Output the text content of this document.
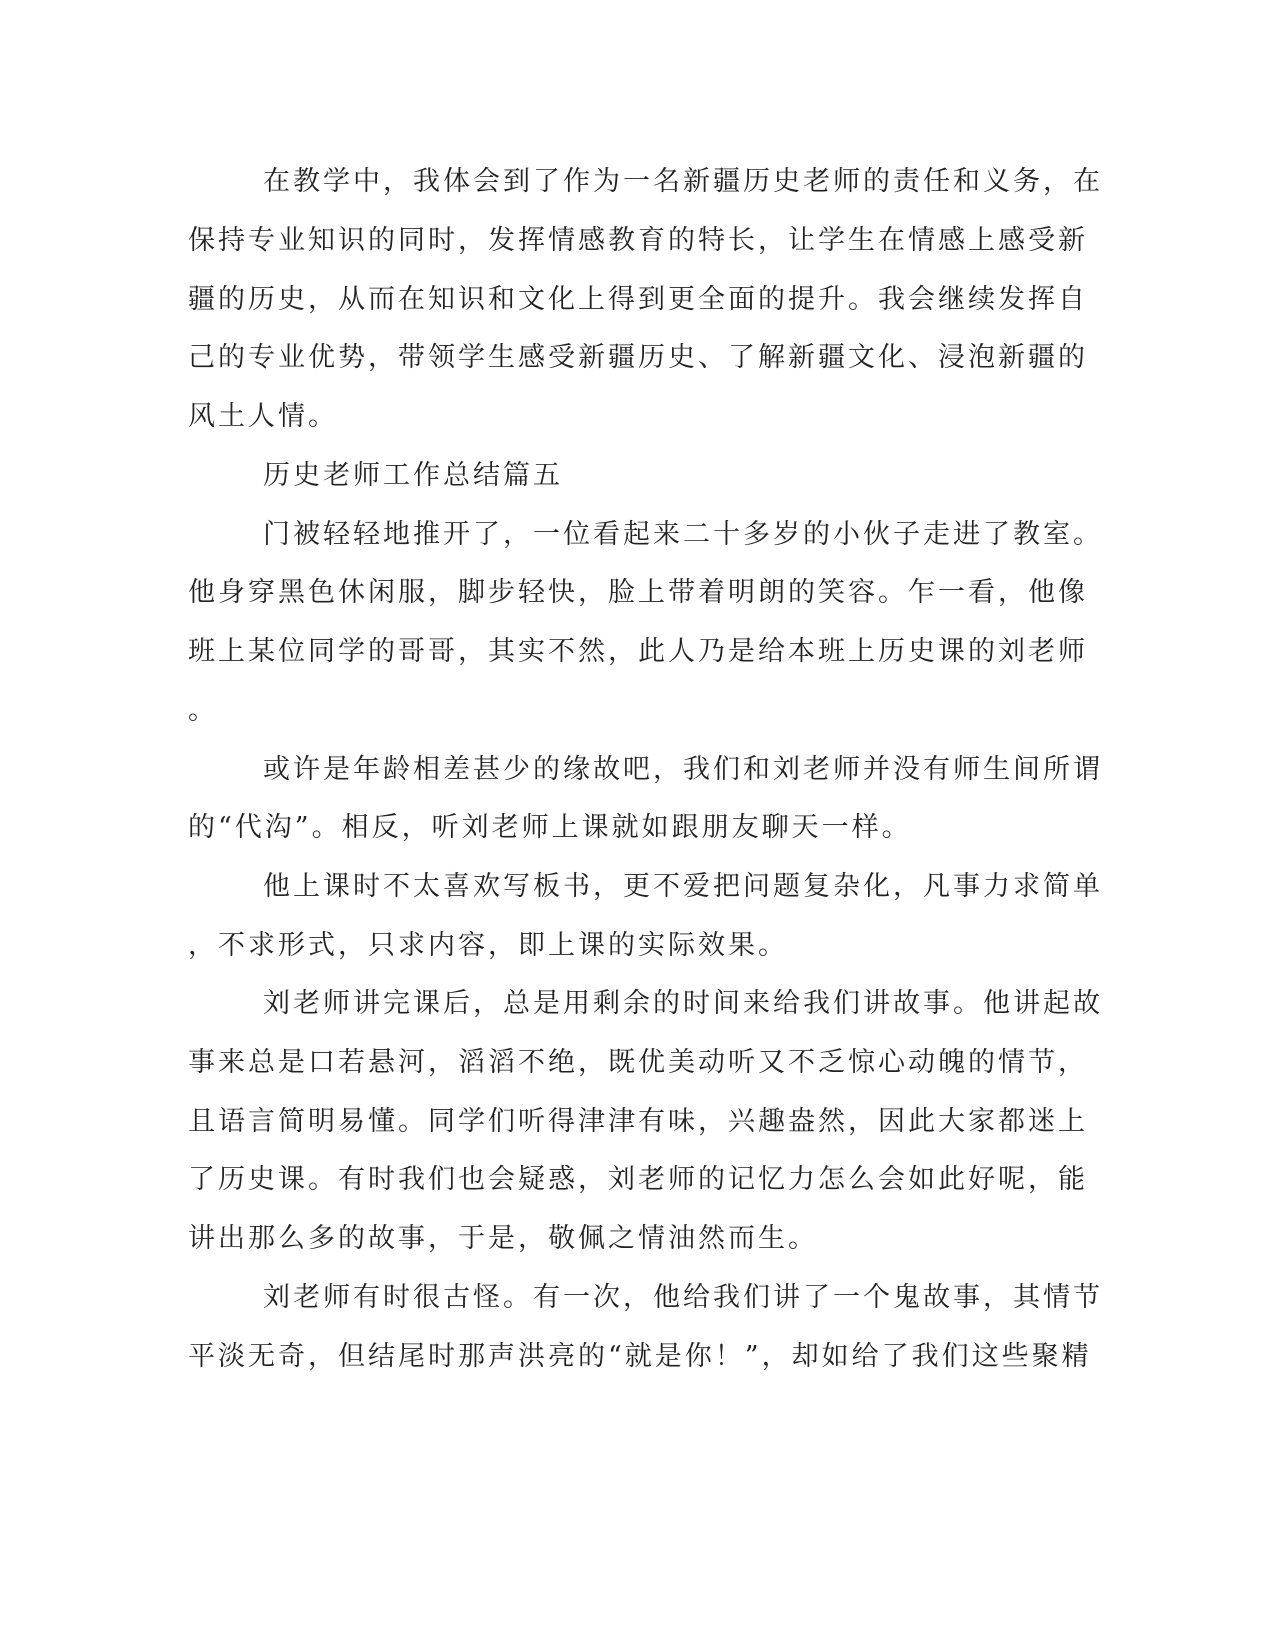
在教学中，我体会到了作为一名新疆历史老师的责任和义务，在
保持专业知识的同时，发挥情感教育的特长，让学生在情感上感受新
疆的历史，从而在知识和文化上得到更全面的提升。我会继续发挥自
己的专业优势，带领学生感受新疆历史、了解新疆文化、浸泡新疆的
风土人情。
历史老师工作总结篇五
门被轻轻地推开了，一位看起来二十多岁的小伙子走进了教室。
他身穿黑色休闲服，脚步轻快，脸上带着明朗的笑容。乍一看，他像
班上某位同学的哥哥，其实不然，此人乃是给本班上历史课的刘老师
。
或许是年龄相差甚少的缘故吧，我们和刘老师并没有师生间所谓
的“代沟”。相反，听刘老师上课就如跟朋友聊天一样。
他上课时不太喜欢写板书，更不爱把问题复杂化，凡事力求简单
，不求形式，只求内容，即上课的实际效果。
刘老师讲完课后，总是用剩余的时间来给我们讲故事。他讲起故
事来总是口若悬河，滔滔不绝，既优美动听又不乏惊心动魄的情节，
且语言简明易懂。同学们听得津津有味，兴趣盎然，因此大家都迷上
了历史课。有时我们也会疑惑，刘老师的记忆力怎么会如此好呢，能
讲出那么多的故事，于是，敬佩之情油然而生。
刘老师有时很古怪。有一次，他给我们讲了一个鬼故事，其情节
平淡无奇，但结尾时那声洪亮的“就是你！”，却如给了我们这些聚精
